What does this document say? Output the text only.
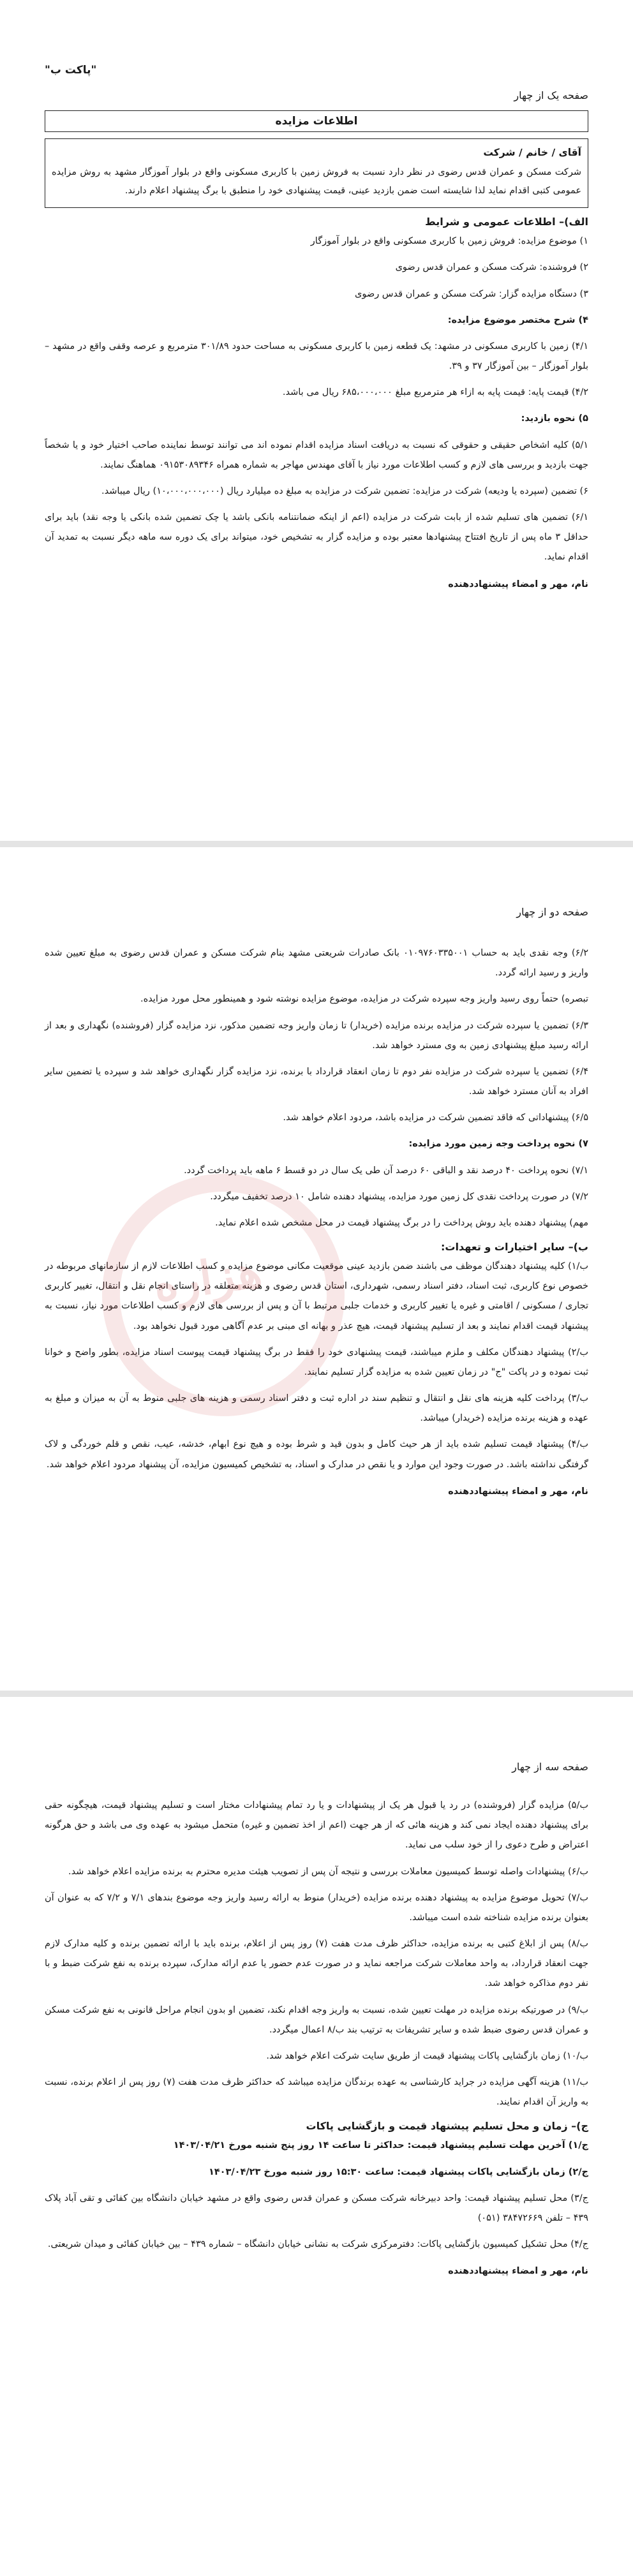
"پاکت ب"

صفحه یک از چهار

اطلاعات مزایده
آقای / خانم / شرکت
شرکت مسکن و عمران قدس رضوی در نظر دارد نسبت به فروش زمین با کاربری مسکونی واقع در بلوار آموزگار مشهد به روش مزایده عمومی کتبی اقدام نماید لذا شایسته است ضمن بازدید عینی، قیمت پیشنهادی خود را منطبق با برگ پیشنهاد اعلام دارند.
الف)– اطلاعات عمومی و شرایط

۱) موضوع مزایده: فروش زمین با کاربری مسکونی واقع در بلوار آموزگار

۲) فروشنده: شرکت مسکن و عمران قدس رضوی

۳) دستگاه مزایده گزار: شرکت مسکن و عمران قدس رضوی

۴) شرح مختصر موضوع مزایده:

۴/۱) زمین با کاربری مسکونی در مشهد: یک قطعه زمین با کاربری مسکونی به مساحت حدود ۳۰۱/۸۹ مترمربع و عرصه وقفی واقع در مشهد – بلوار آموزگار – بین آموزگار ۳۷ و ۳۹.

۴/۲) قیمت پایه: قیمت پایه به ازاء هر مترمربع مبلغ ۶۸۵،۰۰۰،۰۰۰ ریال می باشد.

۵) نحوه بازدید:

۵/۱) کلیه اشخاص حقیقی و حقوقی که نسبت به دریافت اسناد مزایده اقدام نموده اند می توانند توسط نماینده صاحب اختیار خود و یا شخصاً جهت بازدید و بررسی های لازم و کسب اطلاعات مورد نیاز با آقای مهندس مهاجر به شماره همراه ۰۹۱۵۳۰۸۹۳۴۶ هماهنگ نمایند.

۶) تضمین (سپرده یا ودیعه) شرکت در مزایده: تضمین شرکت در مزایده به مبلغ ده میلیارد ریال (۱۰،۰۰۰،۰۰۰،۰۰۰) ریال میباشد.

۶/۱) تضمین های تسلیم شده از بابت شرکت در مزایده (اعم از اینکه ضمانتنامه بانکی باشد یا چک تضمین شده بانکی یا وجه نقد) باید برای حداقل ۳ ماه پس از تاریخ افتتاح پیشنهادها معتبر بوده و مزایده گزار به تشخیص خود، میتواند برای یک دوره سه ماهه دیگر نسبت به تمدید آن اقدام نماید.

نام، مهر و امضاء پیشنهاددهنده

صفحه دو از چهار

۶/۲) وجه نقدی باید به حساب ۰۱۰۹۷۶۰۳۳۵۰۰۱ بانک صادرات شریعتی مشهد بنام شرکت مسکن و عمران قدس رضوی به مبلغ تعیین شده واریز و رسید ارائه گردد.

تبصره) حتماً روی رسید واریز وجه سپرده شرکت در مزایده، موضوع مزایده نوشته شود و همینطور محل مورد مزایده.

۶/۳) تضمین یا سپرده شرکت در مزایده برنده مزایده (خریدار) تا زمان واریز وجه تضمین مذکور، نزد مزایده گزار (فروشنده) نگهداری و بعد از ارائه رسید مبلغ پیشنهادی زمین به وی مسترد خواهد شد.

۶/۴) تضمین یا سپرده شرکت در مزایده نفر دوم تا زمان انعقاد قرارداد با برنده، نزد مزایده گزار نگهداری خواهد شد و سپرده یا تضمین سایر افراد به آنان مسترد خواهد شد.

۶/۵) پیشنهاداتی که فاقد تضمین شرکت در مزایده باشد، مردود اعلام خواهد شد.

۷) نحوه پرداخت وجه زمین مورد مزایده:

۷/۱) نحوه پرداخت ۴۰ درصد نقد و الباقی ۶۰ درصد آن طی یک سال در دو قسط ۶ ماهه باید پرداخت گردد.

۷/۲) در صورت پرداخت نقدی کل زمین مورد مزایده، پیشنهاد دهنده شامل ۱۰ درصد تخفیف میگردد.

مهم) پیشنهاد دهنده باید روش پرداخت را در برگ پیشنهاد قیمت در محل مشخص شده اعلام نماید.

ب)– سایر اختیارات و تعهدات:

ب/۱) کلیه پیشنهاد دهندگان موظف می باشند ضمن بازدید عینی موقعیت مکانی موضوع مزایده و کسب اطلاعات لازم از سازمانهای مربوطه در خصوص نوع کاربری، ثبت اسناد، دفتر اسناد رسمی، شهرداری، استان قدس رضوی و هزینه متعلقه در راستای انجام نقل و انتقال، تغییر کاربری تجاری / مسکونی / اقامتی و غیره یا تغییر کاربری و خدمات جلبی مرتبط با آن و پس از بررسی های لازم و کسب اطلاعات مورد نیاز، نسبت به پیشنهاد قیمت اقدام نمایند و بعد از تسلیم پیشنهاد قیمت، هیچ عذر و بهانه ای مبنی بر عدم آگاهی مورد قبول نخواهد بود.

ب/۲) پیشنهاد دهندگان مکلف و ملزم میباشند، قیمت پیشنهادی خود را فقط در برگ پیشنهاد قیمت پیوست اسناد مزایده، بطور واضح و خوانا ثبت نموده و در پاکت "ج" در زمان تعیین شده به مزایده گزار تسلیم نمایند.

ب/۳) پرداخت کلیه هزینه های نقل و انتقال و تنظیم سند در اداره ثبت و دفتر اسناد رسمی و هزینه های جلبی منوط به آن به میزان و مبلغ به عهده و هزینه برنده مزایده (خریدار) میباشد.

ب/۴) پیشنهاد قیمت تسلیم شده باید از هر حیث کامل و بدون قید و شرط بوده و هیچ نوع ابهام، خدشه، عیب، نقص و قلم خوردگی و لاک گرفتگی نداشته باشد. در صورت وجود این موارد و یا نقص در مدارک و اسناد، به تشخیص کمیسیون مزایده، آن پیشنهاد مردود اعلام خواهد شد.

نام، مهر و امضاء پیشنهاددهنده
هزاره

صفحه سه از چهار

ب/۵) مزایده گزار (فروشنده) در رد یا قبول هر یک از پیشنهادات و یا رد تمام پیشنهادات مختار است و تسلیم پیشنهاد قیمت، هیچگونه حقی برای پیشنهاد دهنده ایجاد نمی کند و هزینه هائی که از هر جهت (اعم از اخذ تضمین و غیره) متحمل میشود به عهده وی می باشد و حق هرگونه اعتراض و طرح دعوی را از خود سلب می نماید.

ب/۶) پیشنهادات واصله توسط کمیسیون معاملات بررسی و نتیجه آن پس از تصویب هیئت مدیره محترم به برنده مزایده اعلام خواهد شد.

ب/۷) تحویل موضوع مزایده به پیشنهاد دهنده برنده مزایده (خریدار) منوط به ارائه رسید واریز وجه موضوع بندهای ۷/۱ و ۷/۲ که به عنوان آن بعنوان برنده مزایده شناخته شده است میباشد.

ب/۸) پس از ابلاغ کتبی به برنده مزایده، حداکثر ظرف مدت هفت (۷) روز پس از اعلام، برنده باید با ارائه تضمین برنده و کلیه مدارک لازم جهت انعقاد قرارداد، به واحد معاملات شرکت مراجعه نماید و در صورت عدم حضور یا عدم ارائه مدارک، سپرده برنده به نفع شرکت ضبط و با نفر دوم مذاکره خواهد شد.

ب/۹) در صورتیکه برنده مزایده در مهلت تعیین شده، نسبت به واریز وجه اقدام نکند، تضمین او بدون انجام مراحل قانونی به نفع شرکت مسکن و عمران قدس رضوی ضبط شده و سایر تشریفات به ترتیب بند ب/۸ اعمال میگردد.

ب/۱۰) زمان بازگشایی پاکات پیشنهاد قیمت از طریق سایت شرکت اعلام خواهد شد.

ب/۱۱) هزینه آگهی مزایده در جراید کارشناسی به عهده برندگان مزایده میباشد که حداکثر ظرف مدت هفت (۷) روز پس از اعلام برنده، نسبت به واریز آن اقدام نمایند.

ج)– زمان و محل تسلیم پیشنهاد قیمت و بازگشایی پاکات

ج/۱) آخرین مهلت تسلیم پیشنهاد قیمت: حداکثر تا ساعت ۱۴ روز پنج شنبه مورخ ۱۴۰۳/۰۴/۲۱

ج/۲) زمان بازگشایی پاکات پیشنهاد قیمت: ساعت ۱۵:۳۰ روز شنبه مورخ ۱۴۰۳/۰۴/۲۳

ج/۳) محل تسلیم پیشنهاد قیمت: واحد دبیرخانه شرکت مسکن و عمران قدس رضوی واقع در مشهد خیابان دانشگاه بین کفائی و تقی آباد پلاک ۴۳۹ – تلفن ۳۸۴۷۲۶۶۹ (۰۵۱)

ج/۴) محل تشکیل کمیسیون بازگشایی پاکات: دفترمرکزی شرکت به نشانی خیابان دانشگاه – شماره ۴۳۹ – بین خیابان کفائی و میدان شریعتی.

نام، مهر و امضاء پیشنهاددهنده
